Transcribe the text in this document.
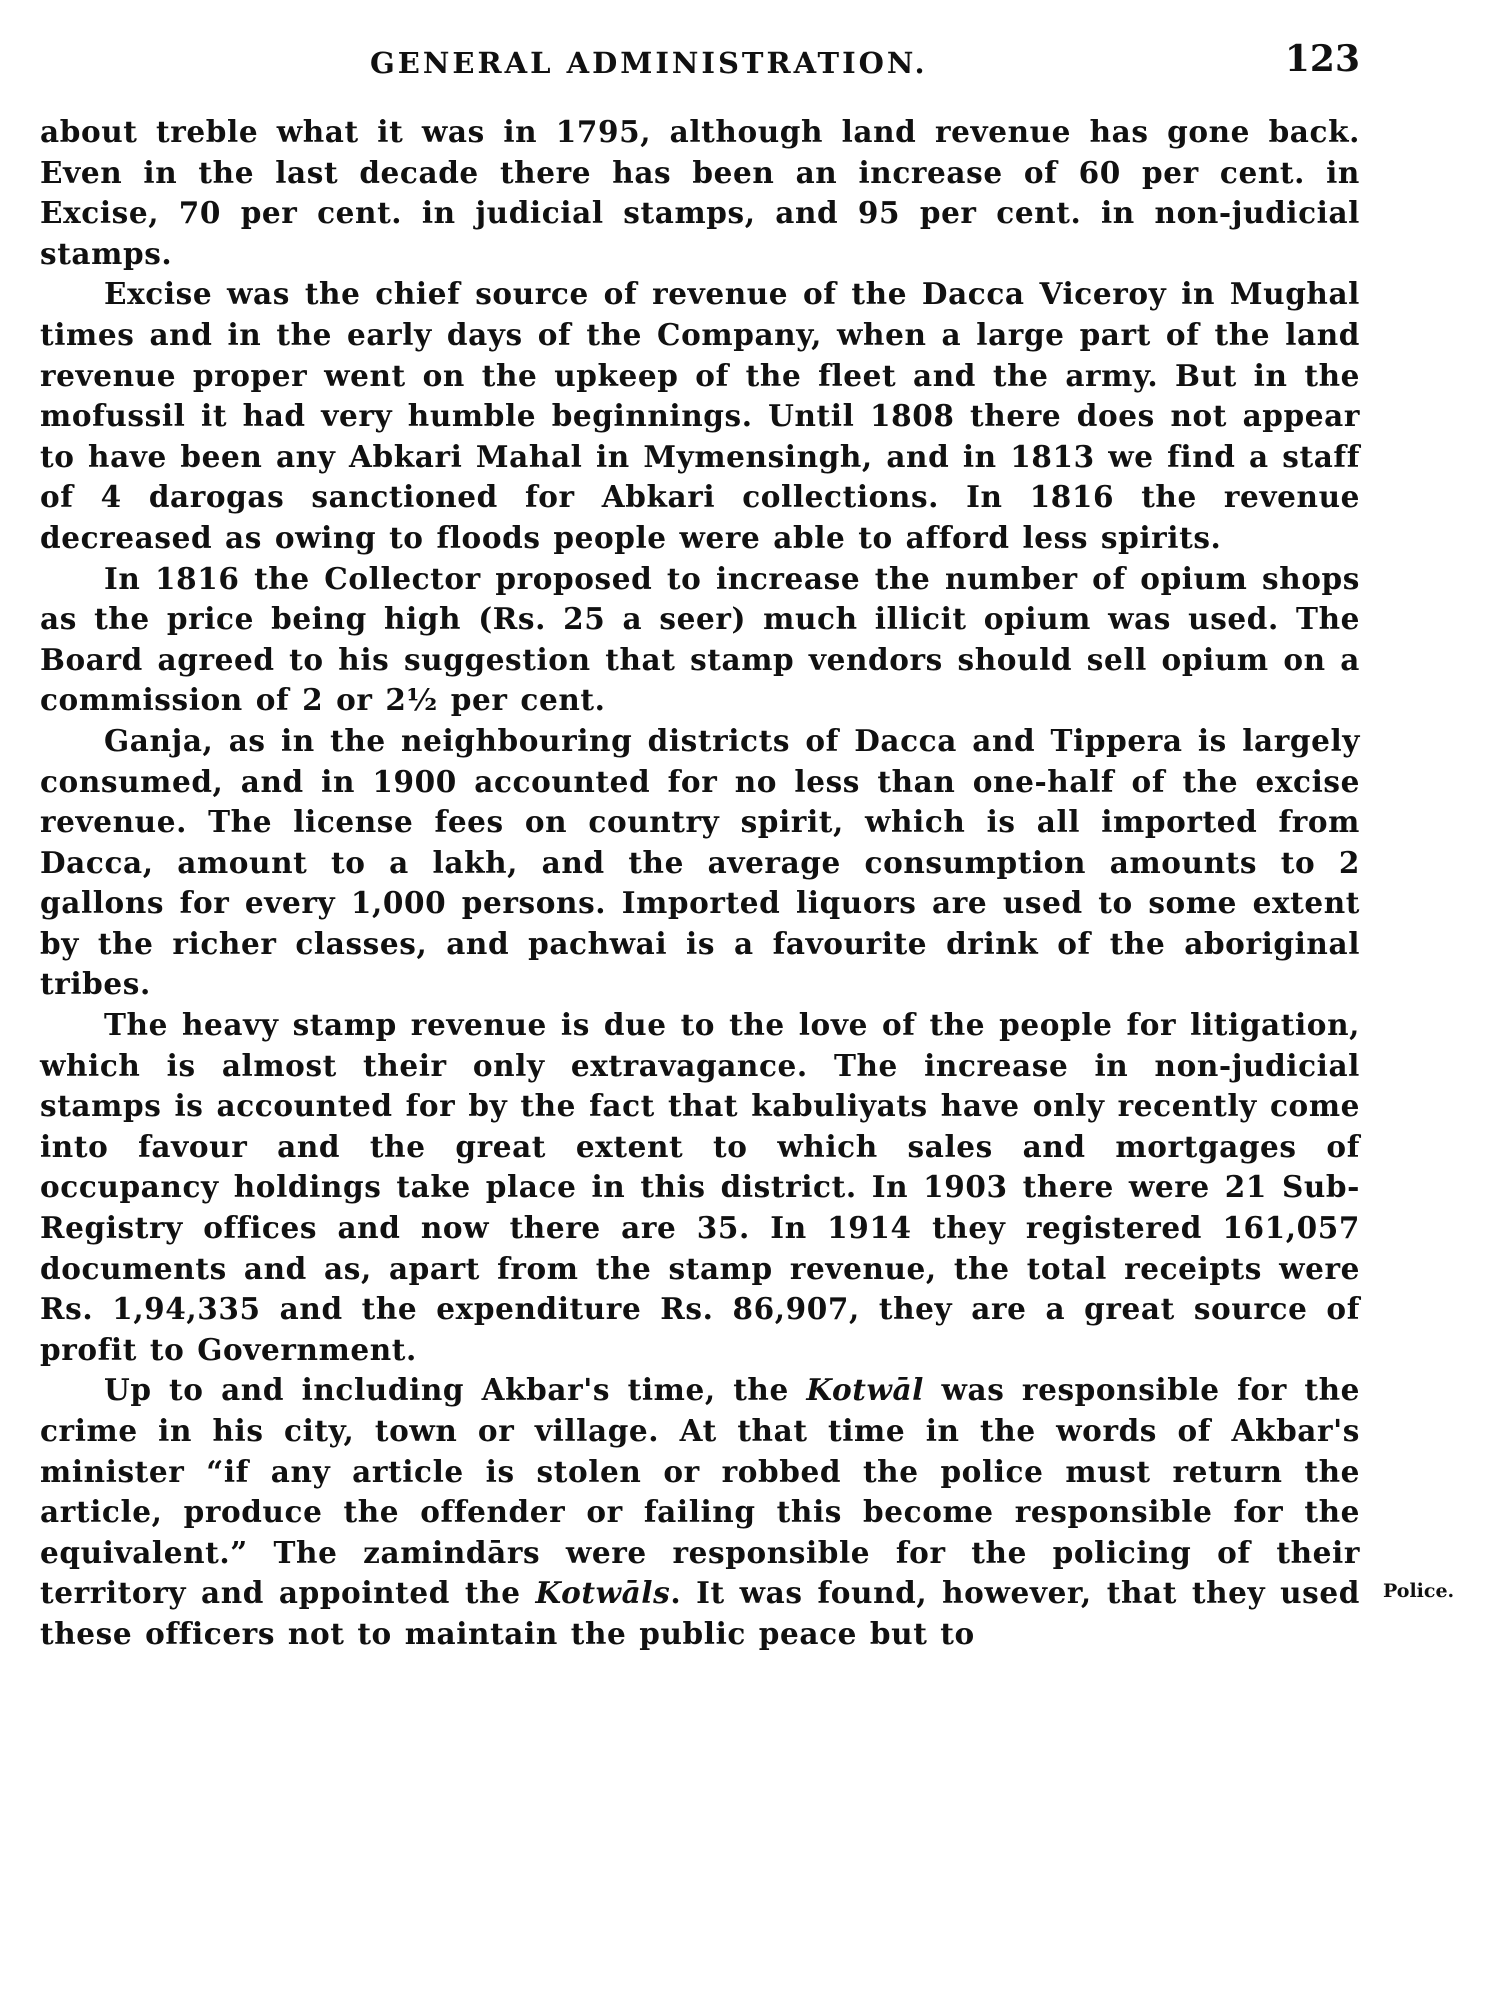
GENERAL ADMINISTRATION.	123

about treble what it was in 1795, although land revenue has gone back. Even in the last decade there has been an increase of 60 per cent. in Excise, 70 per cent. in judicial stamps, and 95 per cent. in non-judicial stamps.

Excise was the chief source of revenue of the Dacca Viceroy in Mughal times and in the early days of the Company, when a large part of the land revenue proper went on the upkeep of the fleet and the army. But in the mofussil it had very humble beginnings. Until 1808 there does not appear to have been any Abkari Mahal in Mymensingh, and in 1813 we find a staff of 4 darogas sanctioned for Abkari collections. In 1816 the revenue decreased as owing to floods people were able to afford less spirits.

In 1816 the Collector proposed to increase the number of opium shops as the price being high (Rs. 25 a seer) much illicit opium was used. The Board agreed to his suggestion that stamp vendors should sell opium on a commission of 2 or 2½ per cent.

Ganja, as in the neighbouring districts of Dacca and Tippera is largely consumed, and in 1900 accounted for no less than one-half of the excise revenue. The license fees on country spirit, which is all imported from Dacca, amount to a lakh, and the average consumption amounts to 2 gallons for every 1,000 persons. Imported liquors are used to some extent by the richer classes, and pachwai is a favourite drink of the aboriginal tribes.

The heavy stamp revenue is due to the love of the people for litigation, which is almost their only extravagance. The increase in non-judicial stamps is accounted for by the fact that kabuliyats have only recently come into favour and the great extent to which sales and mortgages of occupancy holdings take place in this district. In 1903 there were 21 Sub-Registry offices and now there are 35. In 1914 they registered 161,057 documents and as, apart from the stamp revenue, the total receipts were Rs. 1,94,335 and the expenditure Rs. 86,907, they are a great source of profit to Government.

Up to and including Akbar's time, the Kotwāl was responsible for the crime in his city, town or village. At that time in the words of Akbar's minister “if any article is stolen or robbed the police must return the article, produce the offender or failing this become responsible for the equivalent.” The zamindārs were responsible for the policing of their territory and appointed the Kotwāls. It was found, however, that they used these officers not to maintain the public peace but to

Police.
